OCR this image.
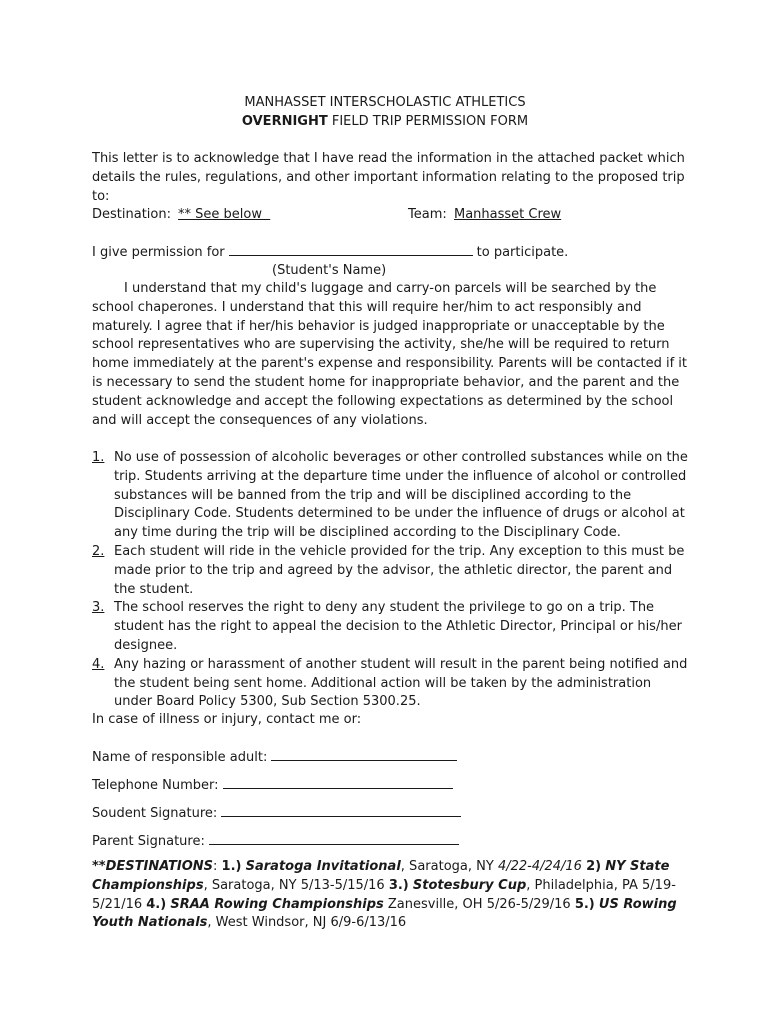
MANHASSET INTERSCHOLASTIC ATHLETICS
OVERNIGHT FIELD TRIP PERMISSION FORM
This letter is to acknowledge that I have read the information in the attached packet which details the rules, regulations, and other important information relating to the proposed trip to:
Destination: ** See below	Team: Manhasset Crew
I give permission for	to participate.
(Student's Name)
I understand that my child's luggage and carry-on parcels will be searched by the school chaperones. I understand that this will require her/him to act responsibly and maturely. I agree that if her/his behavior is judged inappropriate or unacceptable by the school representatives who are supervising the activity, she/he will be required to return home immediately at the parent's expense and responsibility. Parents will be contacted if it is necessary to send the student home for inappropriate behavior, and the parent and the student acknowledge and accept the following expectations as determined by the school and will accept the consequences of any violations.
1. No use of possession of alcoholic beverages or other controlled substances while on the trip. Students arriving at the departure time under the influence of alcohol or controlled substances will be banned from the trip and will be disciplined according to the Disciplinary Code. Students determined to be under the influence of drugs or alcohol at any time during the trip will be disciplined according to the Disciplinary Code.
2. Each student will ride in the vehicle provided for the trip. Any exception to this must be made prior to the trip and agreed by the advisor, the athletic director, the parent and the student.
3. The school reserves the right to deny any student the privilege to go on a trip. The student has the right to appeal the decision to the Athletic Director, Principal or his/her designee.
4. Any hazing or harassment of another student will result in the parent being notified and the student being sent home. Additional action will be taken by the administration under Board Policy 5300, Sub Section 5300.25.
In case of illness or injury, contact me or:
Name of responsible adult:
Telephone Number:
Soudent Signature:
Parent Signature:
**DESTINATIONS: 1.) Saratoga Invitational, Saratoga, NY 4/22-4/24/16 2) NY State Championships, Saratoga, NY 5/13-5/15/16 3.) Stotesbury Cup, Philadelphia, PA 5/19-5/21/16 4.) SRAA Rowing Championships Zanesville, OH 5/26-5/29/16 5.) US Rowing Youth Nationals, West Windsor, NJ 6/9-6/13/16
